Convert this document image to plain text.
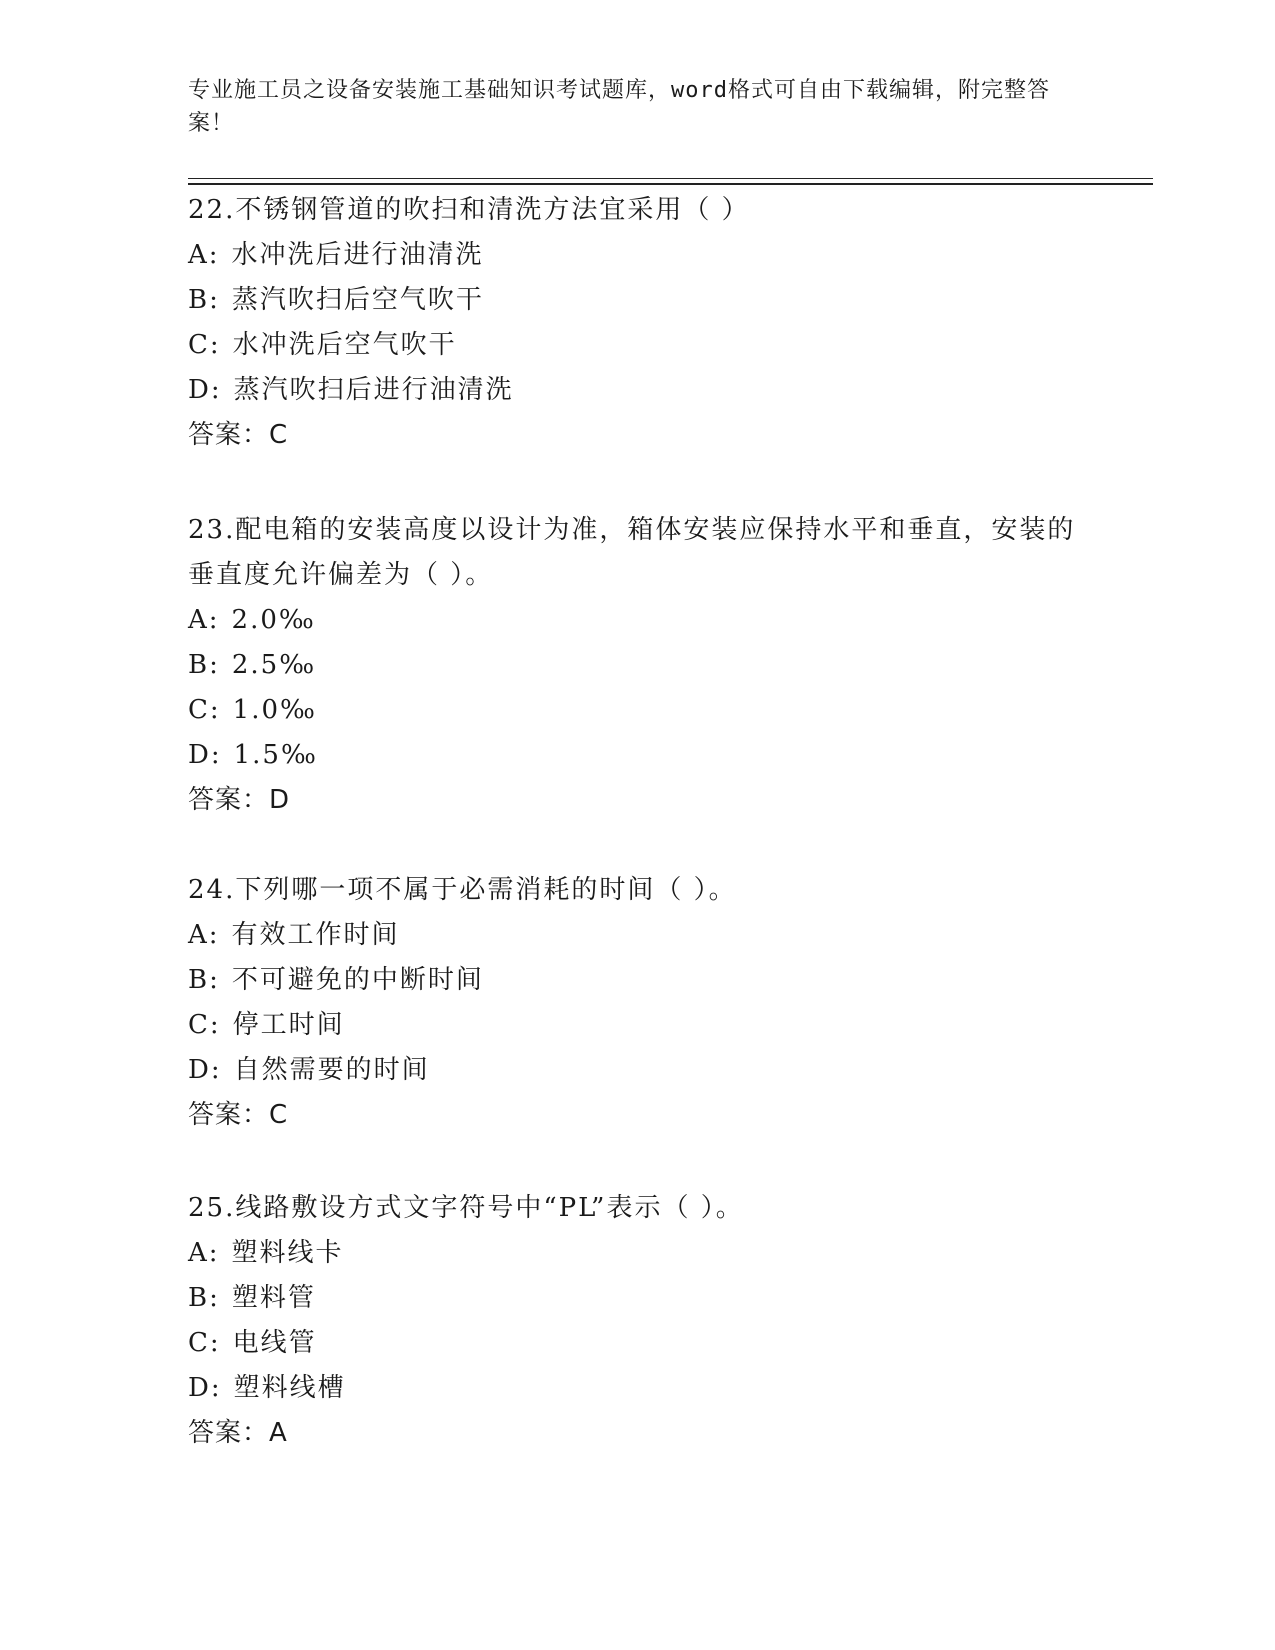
专业施工员之设备安装施工基础知识考试题库，word格式可自由下载编辑，附完整答案！

22.不锈钢管道的吹扫和清洗方法宜采用（ ）

A : 水冲洗后进行油清洗

B : 蒸汽吹扫后空气吹干

C : 水冲洗后空气吹干

D : 蒸汽吹扫后进行油清洗

答案：C

23.配电箱的安装高度以设计为准，箱体安装应保持水平和垂直，安装的垂直度允许偏差为（ ）。

A : 2.0‰

B : 2.5‰

C : 1.0‰

D : 1.5‰

答案：D

24.下列哪一项不属于必需消耗的时间（ ）。

A : 有效工作时间

B : 不可避免的中断时间

C : 停工时间

D : 自然需要的时间

答案：C

25.线路敷设方式文字符号中“PL”表示（ ）。

A : 塑料线卡

B : 塑料管

C : 电线管

D : 塑料线槽

答案：A
